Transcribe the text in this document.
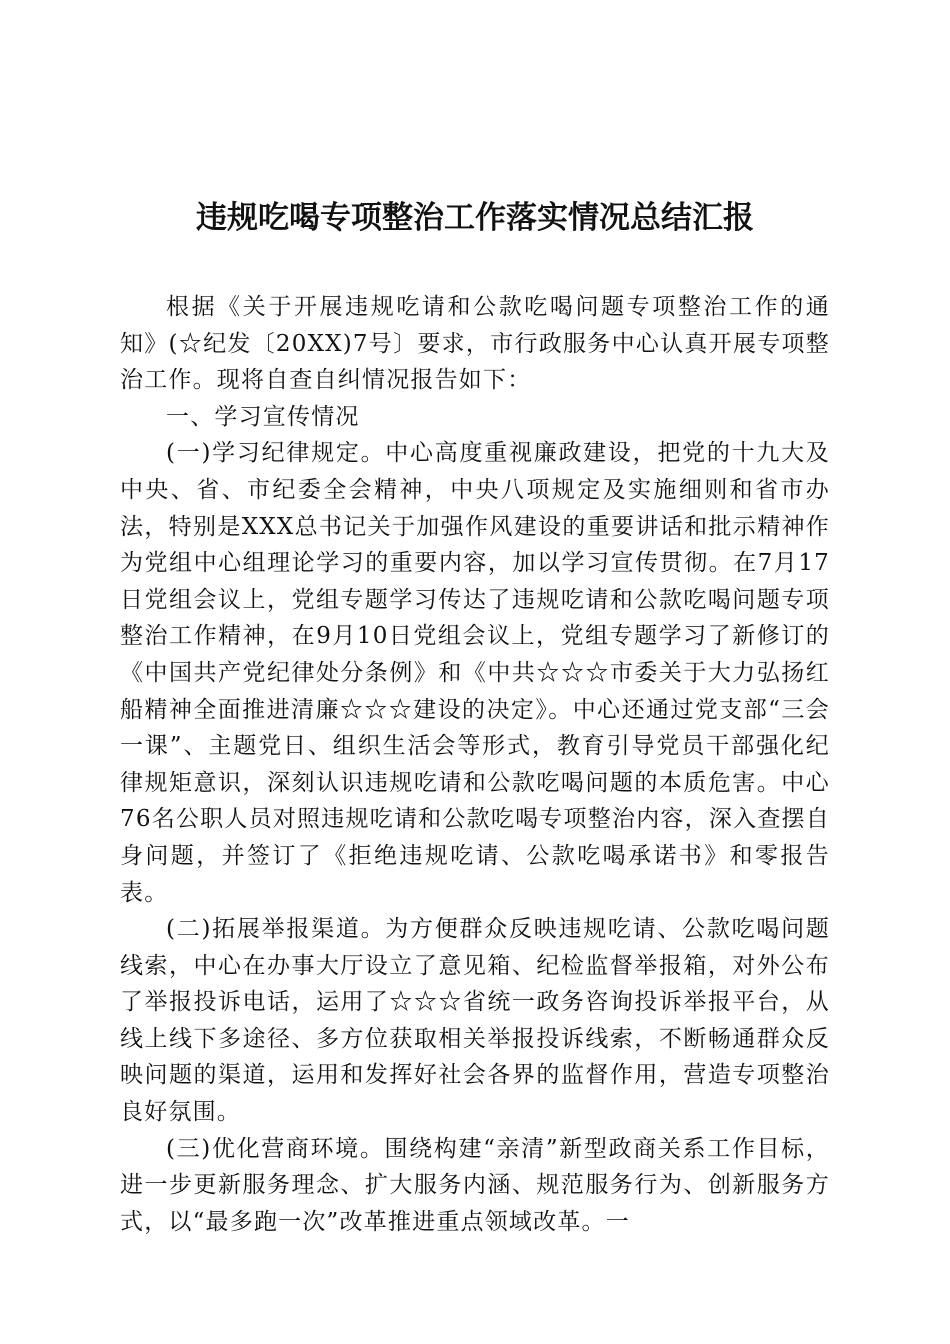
违规吃喝专项整治工作落实情况总结汇报

根据《关于开展违规吃请和公款吃喝问题专项整治工作的通知》(☆纪发〔20XX)7号〕要求，市行政服务中心认真开展专项整治工作。现将自查自纠情况报告如下：

一、学习宣传情况

(一)学习纪律规定。中心高度重视廉政建设，把党的十九大及中央、省、市纪委全会精神，中央八项规定及实施细则和省市办法，特别是XXX总书记关于加强作风建设的重要讲话和批示精神作为党组中心组理论学习的重要内容，加以学习宣传贯彻。在7月17日党组会议上，党组专题学习传达了违规吃请和公款吃喝问题专项整治工作精神，在9月10日党组会议上，党组专题学习了新修订的《中国共产党纪律处分条例》和《中共☆☆☆市委关于大力弘扬红船精神全面推进清廉☆☆☆建设的决定》。中心还通过党支部“三会一课”、主题党日、组织生活会等形式，教育引导党员干部强化纪律规矩意识，深刻认识违规吃请和公款吃喝问题的本质危害。中心76名公职人员对照违规吃请和公款吃喝专项整治内容，深入查摆自身问题，并签订了《拒绝违规吃请、公款吃喝承诺书》和零报告表。

(二)拓展举报渠道。为方便群众反映违规吃请、公款吃喝问题线索，中心在办事大厅设立了意见箱、纪检监督举报箱，对外公布了举报投诉电话，运用了☆☆☆省统一政务咨询投诉举报平台，从线上线下多途径、多方位获取相关举报投诉线索，不断畅通群众反映问题的渠道，运用和发挥好社会各界的监督作用，营造专项整治良好氛围。

(三)优化营商环境。围绕构建“亲清”新型政商关系工作目标，进一步更新服务理念、扩大服务内涵、规范服务行为、创新服务方式，以“最多跑一次”改革推进重点领域改革。一
